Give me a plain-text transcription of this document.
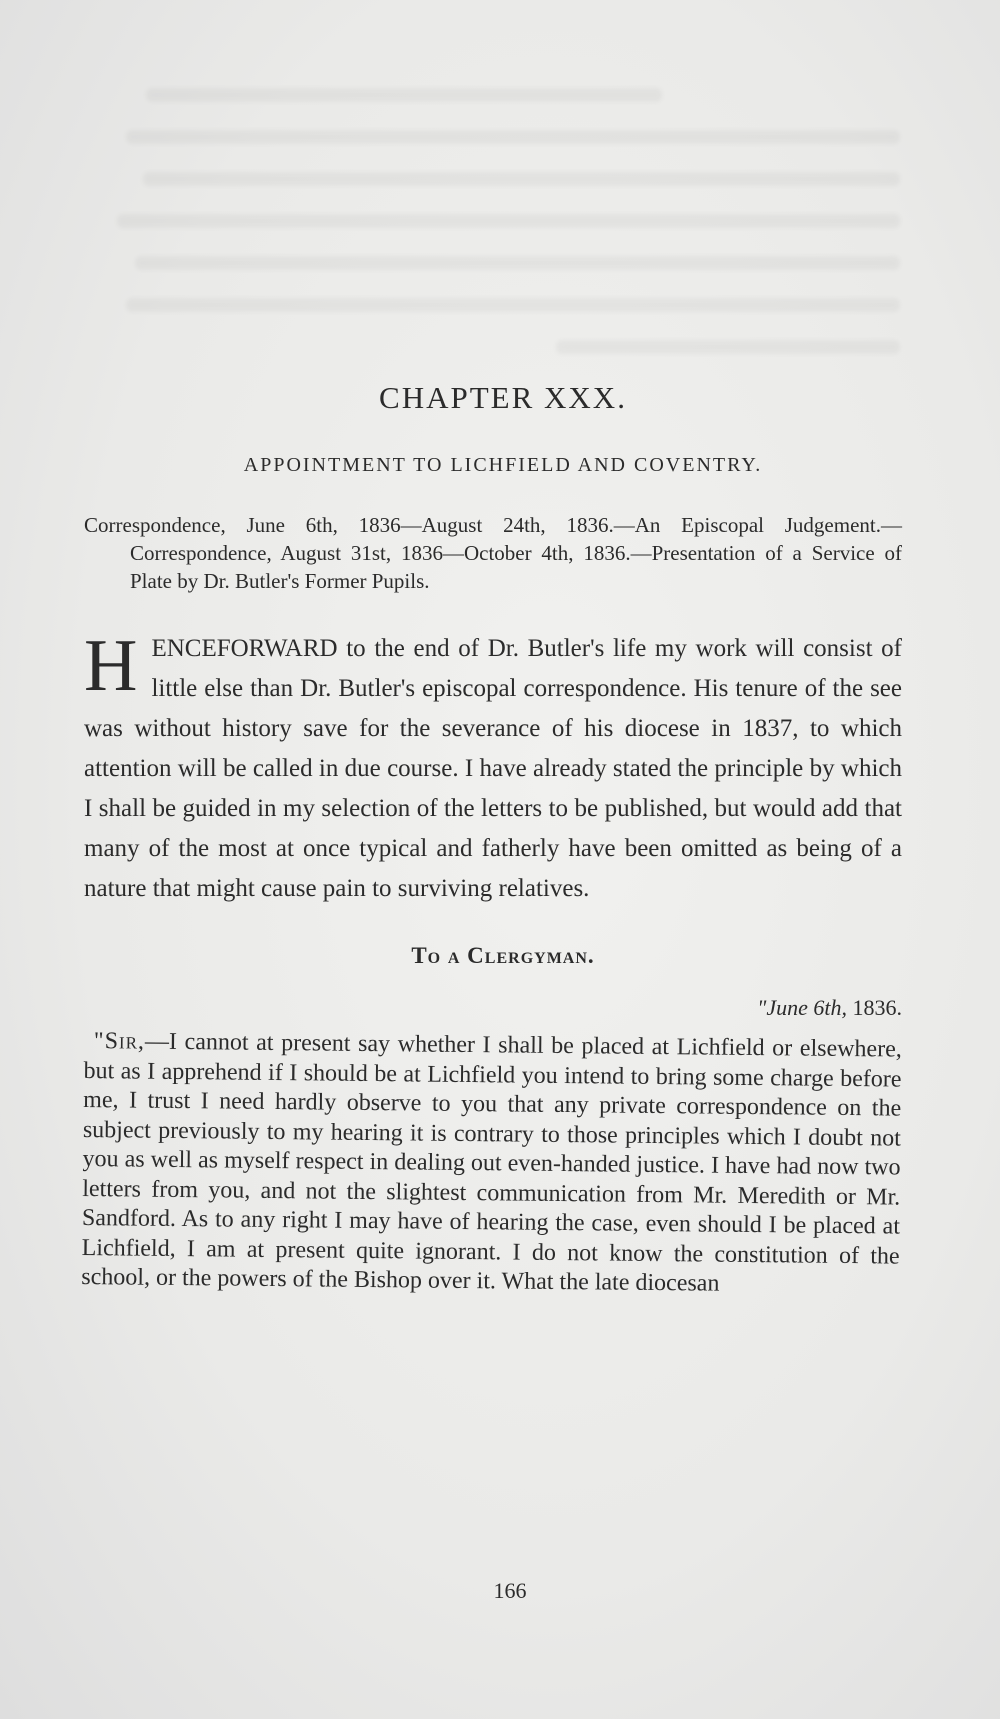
CHAPTER XXX.
APPOINTMENT TO LICHFIELD AND COVENTRY.

Correspondence, June 6th, 1836—August 24th, 1836.—An Episcopal Judgement.—Correspondence, August 31st, 1836—October 4th, 1836.—Presentation of a Service of Plate by Dr. Butler's Former Pupils.

HENCEFORWARD to the end of Dr. Butler's life my work will consist of little else than Dr. Butler's episcopal correspondence. His tenure of the see was without history save for the severance of his diocese in 1837, to which attention will be called in due course. I have already stated the principle by which I shall be guided in my selection of the letters to be published, but would add that many of the most at once typical and fatherly have been omitted as being of a nature that might cause pain to surviving relatives.

To a Clergyman.

"June 6th, 1836.

"Sir,—I cannot at present say whether I shall be placed at Lichfield or elsewhere, but as I apprehend if I should be at Lichfield you intend to bring some charge before me, I trust I need hardly observe to you that any private correspondence on the subject previously to my hearing it is contrary to those principles which I doubt not you as well as myself respect in dealing out even-handed justice. I have had now two letters from you, and not the slightest communication from Mr. Meredith or Mr. Sandford. As to any right I may have of hearing the case, even should I be placed at Lichfield, I am at present quite ignorant. I do not know the constitution of the school, or the powers of the Bishop over it. What the late diocesan

166
